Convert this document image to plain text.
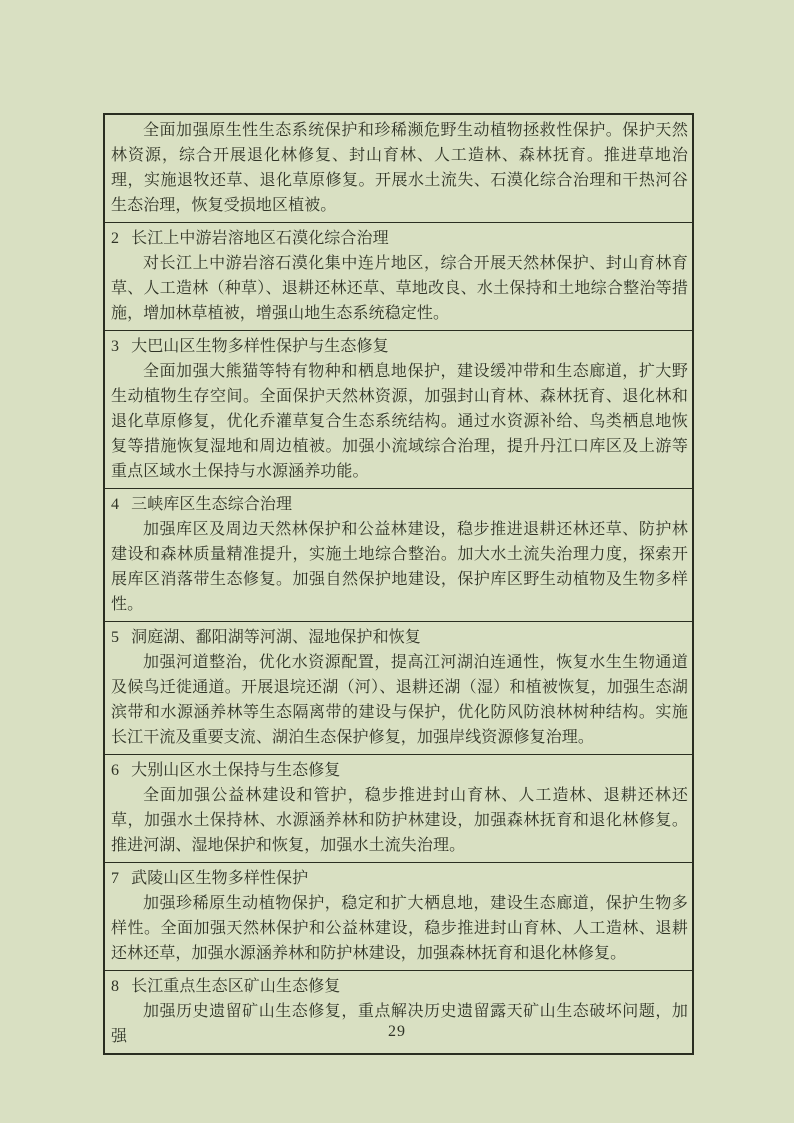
全面加强原生性生态系统保护和珍稀濒危野生动植物拯救性保护。保护天然林资源，综合开展退化林修复、封山育林、人工造林、森林抚育。推进草地治理，实施退牧还草、退化草原修复。开展水土流失、石漠化综合治理和干热河谷生态治理，恢复受损地区植被。
2 长江上中游岩溶地区石漠化综合治理
对长江上中游岩溶石漠化集中连片地区，综合开展天然林保护、封山育林育草、人工造林（种草）、退耕还林还草、草地改良、水土保持和土地综合整治等措施，增加林草植被，增强山地生态系统稳定性。
3 大巴山区生物多样性保护与生态修复
全面加强大熊猫等特有物种和栖息地保护，建设缓冲带和生态廊道，扩大野生动植物生存空间。全面保护天然林资源，加强封山育林、森林抚育、退化林和退化草原修复，优化乔灌草复合生态系统结构。通过水资源补给、鸟类栖息地恢复等措施恢复湿地和周边植被。加强小流域综合治理，提升丹江口库区及上游等重点区域水土保持与水源涵养功能。
4 三峡库区生态综合治理
加强库区及周边天然林保护和公益林建设，稳步推进退耕还林还草、防护林建设和森林质量精准提升，实施土地综合整治。加大水土流失治理力度，探索开展库区消落带生态修复。加强自然保护地建设，保护库区野生动植物及生物多样性。
5 洞庭湖、鄱阳湖等河湖、湿地保护和恢复
加强河道整治，优化水资源配置，提高江河湖泊连通性，恢复水生生物通道及候鸟迁徙通道。开展退垸还湖（河）、退耕还湖（湿）和植被恢复，加强生态湖滨带和水源涵养林等生态隔离带的建设与保护，优化防风防浪林树种结构。实施长江干流及重要支流、湖泊生态保护修复，加强岸线资源修复治理。
6 大别山区水土保持与生态修复
全面加强公益林建设和管护，稳步推进封山育林、人工造林、退耕还林还草，加强水土保持林、水源涵养林和防护林建设，加强森林抚育和退化林修复。推进河湖、湿地保护和恢复，加强水土流失治理。
7 武陵山区生物多样性保护
加强珍稀原生动植物保护，稳定和扩大栖息地，建设生态廊道，保护生物多样性。全面加强天然林保护和公益林建设，稳步推进封山育林、人工造林、退耕还林还草，加强水源涵养林和防护林建设，加强森林抚育和退化林修复。
8 长江重点生态区矿山生态修复
加强历史遗留矿山生态修复，重点解决历史遗留露天矿山生态破坏问题，加强	29
